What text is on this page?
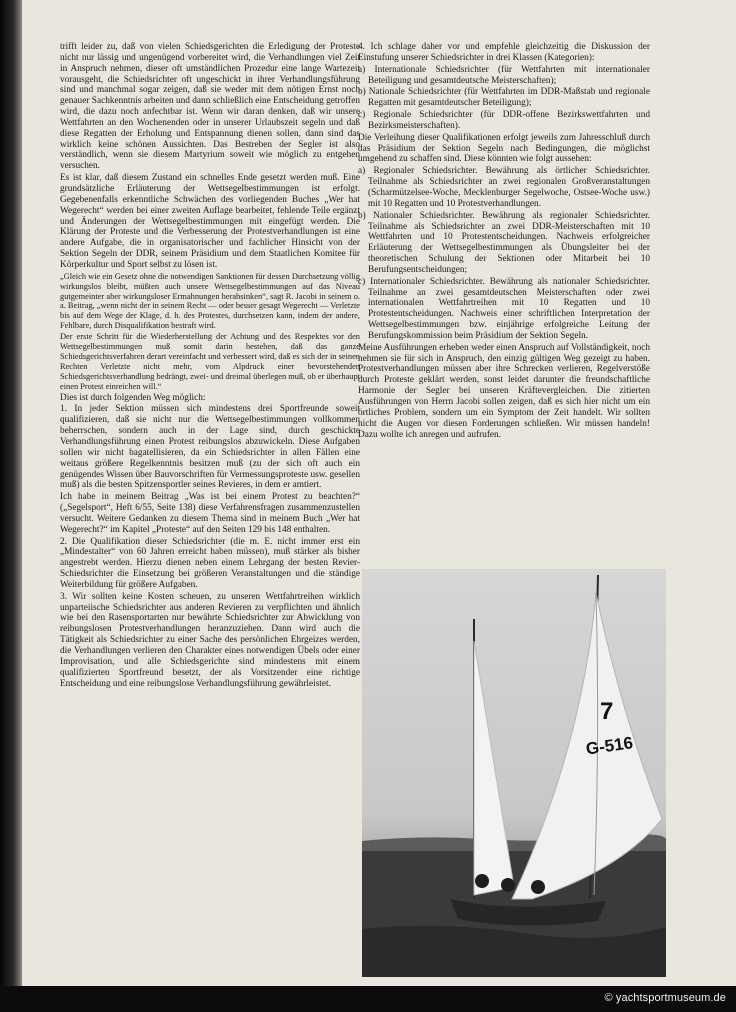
trifft leider zu, daß von vielen Schiedsgerichten die Erledigung der Proteste nicht nur lässig und ungenügend vorbereitet wird, die Verhandlungen viel Zeit in Anspruch nehmen, dieser oft umständlichen Prozedur eine lange Wartezeit vorausgeht, die Schiedsrichter oft ungeschickt in ihrer Verhandlungsführung sind und manchmal sogar zeigen, daß sie weder mit dem nötigen Ernst noch genauer Sachkenntnis arbeiten und dann schließlich eine Entscheidung getroffen wird, die dazu noch anfechtbar ist. Wenn wir daran denken, daß wir unsere Wettfahrten an den Wochenenden oder in unserer Urlaubszeit segeln und daß diese Regatten der Erholung und Entspannung dienen sollen, dann sind das wirklich keine schönen Aussichten. Das Bestreben der Segler ist also verständlich, wenn sie diesem Martyrium soweit wie möglich zu entgehen versuchen.

Es ist klar, daß diesem Zustand ein schnelles Ende gesetzt werden muß. Eine grundsätzliche Erläuterung der Wettsegelbestimmungen ist erfolgt. Gegebenenfalls erkenntliche Schwächen des vorliegenden Buches „Wer hat Wegerecht“ werden bei einer zweiten Auflage bearbeitet, fehlende Teile ergänzt und Änderungen der Wettsegelbestimmungen mit eingefügt werden. Die Klärung der Proteste und die Verbesserung der Protestverhandlungen ist eine andere Aufgabe, die in organisatorischer und fachlicher Hinsicht von der Sektion Segeln der DDR, seinem Präsidium und dem Staatlichen Komitee für Körperkultur und Sport selbst zu lösen ist.

„Gleich wie ein Gesetz ohne die notwendigen Sanktionen für dessen Durchsetzung völlig wirkungslos bleibt, müßten auch unsere Wettsegelbestimmungen auf das Niveau gutgemeinter aber wirkungsloser Ermahnungen herabsinken“, sagt R. Jacobi in seinem o. a. Beitrag, „wenn nicht der in seinem Recht — oder besser gesagt Wegerecht — Verletzte bis auf dem Wege der Klage, d. h. des Protestes, durchsetzen kann, indem der andere, Fehlbare, durch Disqualifikation bestraft wird.

Der erste Schritt für die Wiederherstellung der Achtung und des Respektes vor den Wettsegelbestimmungen muß somit darin bestehen, daß das ganze Schiedsgerichtsverfahren derart vereinfacht und verbessert wird, daß es sich der in seinen Rechten Verletzte nicht mehr, vom Alpdruck einer bevorstehenden Schiedsgerichtsverhandlung bedrängt, zwei- und dreimal überlegen muß, ob er überhaupt einen Protest einreichen will.“

Dies ist durch folgenden Weg möglich:

1. In jeder Sektion müssen sich mindestens drei Sportfreunde soweit qualifizieren, daß sie nicht nur die Wettsegelbestimmungen vollkommen beherrschen, sondern auch in der Lage sind, durch geschickte Verhandlungsführung einen Protest reibungslos abzuwickeln. Diese Aufgaben sollen wir nicht bagatellisieren, da ein Schiedsrichter in allen Fällen eine weitaus größere Regelkenntnis besitzen muß (zu der sich oft auch ein genügendes Wissen über Bauvorschriften für Vermessungsproteste usw. gesellen muß) als die besten Spitzensportler seines Revieres, in dem er amtiert.

Ich habe in meinem Beitrag „Was ist bei einem Protest zu beachten?“ („Segelsport“, Heft 6/55, Seite 138) diese Verfahrensfragen zusammenzustellen versucht. Weitere Gedanken zu diesem Thema sind in meinem Buch „Wer hat Wegerecht?“ im Kapitel „Proteste“ auf den Seiten 129 bis 148 enthalten.

2. Die Qualifikation dieser Schiedsrichter (die m. E. nicht immer erst ein „Mindestalter“ von 60 Jahren erreicht haben müssen), muß stärker als bisher angestrebt werden. Hierzu dienen neben einem Lehrgang der besten Revier-Schiedsrichter die Einsetzung bei größeren Veranstaltungen und die ständige Weiterbildung für größere Aufgaben.

3. Wir sollten keine Kosten scheuen, zu unseren Wettfahrtreihen wirklich unparteiische Schiedsrichter aus anderen Revieren zu verpflichten und ähnlich wie bei den Rasensportarten nur bewährte Schiedsrichter zur Abwicklung von reibungslosen Protestverhandlungen heranzuziehen. Dann wird auch die Tätigkeit als Schiedsrichter zu einer Sache des persönlichen Ehrgeizes werden, die Verhandlungen verlieren den Charakter eines notwendigen Übels oder einer Improvisation, und alle Schiedsgerichte sind mindestens mit einem qualifizierten Sportfreund besetzt, der als Vorsitzender eine richtige Entscheidung und eine reibungslose Verhandlungsführung gewährleistet.

4. Ich schlage daher vor und empfehle gleichzeitig die Diskussion der Einstufung unserer Schiedsrichter in drei Klassen (Kategorien):

a) Internationale Schiedsrichter (für Wettfahrten mit internationaler Beteiligung und gesamtdeutsche Meisterschaften);

b) Nationale Schiedsrichter (für Wettfahrten im DDR-Maßstab und regionale Regatten mit gesamtdeutscher Beteiligung);

c) Regionale Schiedsrichter (für DDR-offene Bezirkswettfahrten und Bezirksmeisterschaften).

Die Verleihung dieser Qualifikationen erfolgt jeweils zum Jahresschluß durch das Präsidium der Sektion Segeln nach Bedingungen, die möglichst umgehend zu schaffen sind. Diese könnten wie folgt aussehen:

a) Regionaler Schiedsrichter. Bewährung als örtlicher Schiedsrichter. Teilnahme als Schiedsrichter an zwei regionalen Großveranstaltungen (Scharmützelsee-Woche, Mecklenburger Segelwoche, Ostsee-Woche usw.) mit 10 Regatten und 10 Protestverhandlungen.

b) Nationaler Schiedsrichter. Bewährung als regionaler Schiedsrichter. Teilnahme als Schiedsrichter an zwei DDR-Meisterschaften mit 10 Wettfahrten und 10 Protestentscheidungen. Nachweis erfolgreicher Erläuterung der Wettsegelbestimmungen als Übungsleiter bei der theoretischen Schulung der Sektionen oder Mitarbeit bei 10 Berufungsentscheidungen;

c) Internationaler Schiedsrichter. Bewährung als nationaler Schiedsrichter. Teilnahme an zwei gesamtdeutschen Meisterschaften oder zwei internationalen Wettfahrtreihen mit 10 Regatten und 10 Protestentscheidungen. Nachweis einer schriftlichen Interpretation der Wettsegelbestimmungen bzw. einjährige erfolgreiche Leitung der Berufungskommission beim Präsidium der Sektion Segeln.

Meine Ausführungen erheben weder einen Anspruch auf Vollständigkeit, noch nehmen sie für sich in Anspruch, den einzig gültigen Weg gezeigt zu haben. Protestverhandlungen müssen aber ihre Schrecken verlieren, Regelverstöße durch Proteste geklärt werden, sonst leidet darunter die freundschaftliche Harmonie der Segler bei unseren Kräftevergleichen. Die zitierten Ausführungen von Herrn Jacobi sollen zeigen, daß es sich hier nicht um ein örtliches Problem, sondern um ein Symptom der Zeit handelt. Wir sollten nicht die Augen vor diesen Forderungen schließen. Wir müssen handeln! Dazu wollte ich anregen und aufrufen.

7
G-516
© yachtsportmuseum.de
